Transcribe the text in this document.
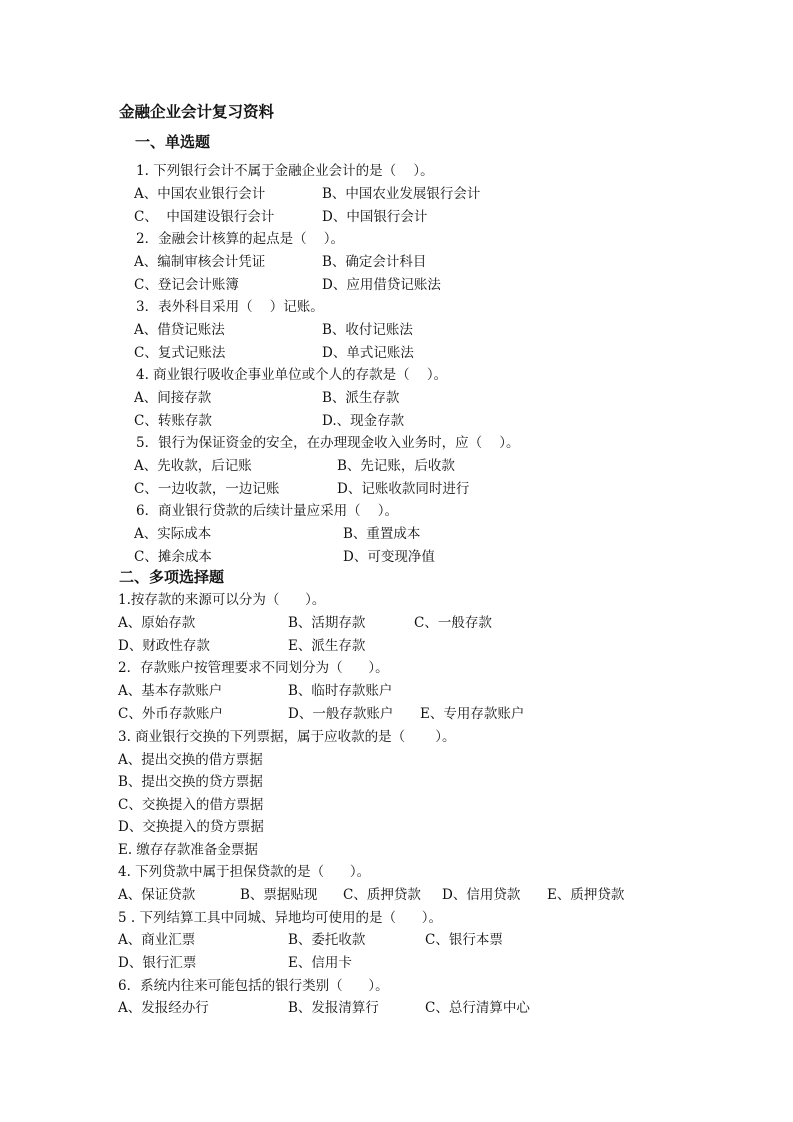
金融企业会计复习资料
一、单选题
二、多项选择题
1. 下列银行会计不属于金融企业会计的是（    ）。
A、中国农业银行会计	B、中国农业发展银行会计
C、  中国建设银行会计	D、中国银行会计
2．金融会计核算的起点是（    ）。
A、编制审核会计凭证	B、确定会计科目
C、登记会计账簿	D、应用借贷记账法
3．表外科目采用（    ）记账。
A、借贷记账法	B、收付记账法
C、复式记账法	D、单式记账法
4. 商业银行吸收企事业单位或个人的存款是（    ）。
A、间接存款	B、派生存款
C、转账存款	D.、现金存款
5．银行为保证资金的安全，在办理现金收入业务时，应（    ）。
A、先收款，后记账	B、先记账，后收款
C、一边收款，一边记账	D、记账收款同时进行
6．商业银行贷款的后续计量应采用（    ）。
A、实际成本	B、重置成本
C、摊余成本	D、可变现净值
1.按存款的来源可以分为（      ）。
A、原始存款	B、活期存款	C、一般存款
D、财政性存款	E、派生存款
2．存款账户按管理要求不同划分为（      ）。
A、基本存款账户	B、临时存款账户
C、外币存款账户	D、一般存款账户 E、专用存款账户
3. 商业银行交换的下列票据，属于应收款的是（       ）。
A、提出交换的借方票据
B、提出交换的贷方票据
C、交换提入的借方票据
D、交换提入的贷方票据
E. 缴存存款准备金票据
4. 下列贷款中属于担保贷款的是（      ）。
A、保证贷款	B、票据贴现 C、质押贷款 D、信用贷款 E、质押贷款
5 . 下列结算工具中同城、异地均可使用的是（      ）。
A、商业汇票	B、委托收款	C、银行本票
D、银行汇票	E、信用卡
6．系统内往来可能包括的银行类别（      ）。
A、发报经办行	B、发报清算行	C、总行清算中心
